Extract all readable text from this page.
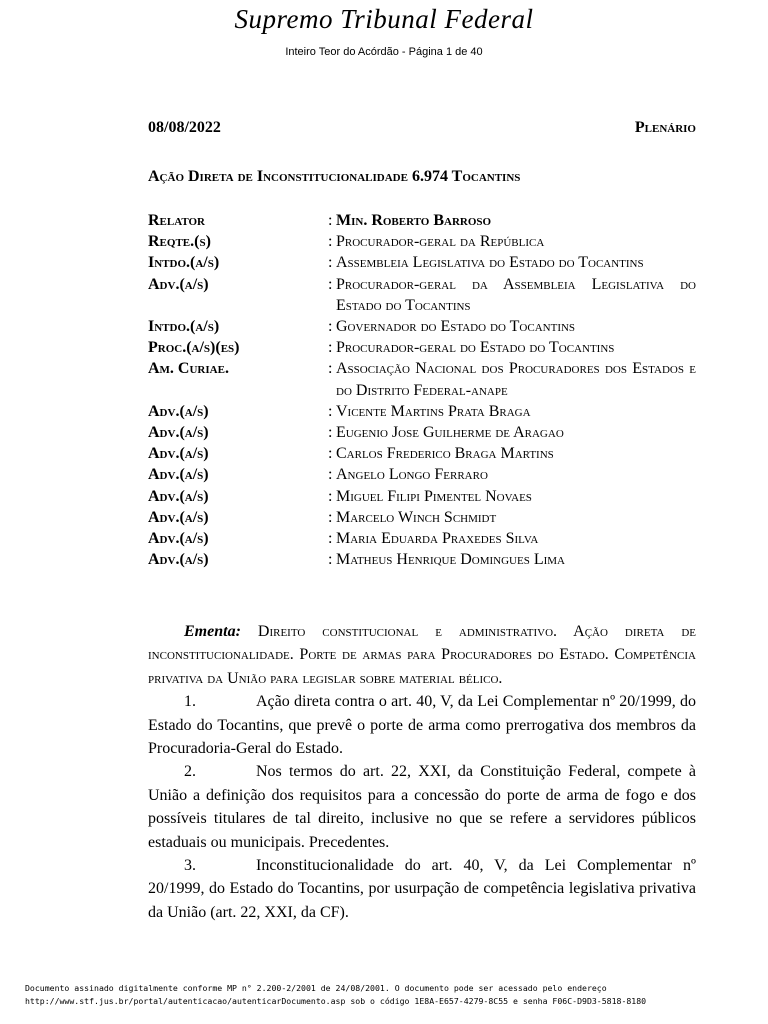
Supremo Tribunal Federal
Inteiro Teor do Acórdão - Página 1 de 40
08/08/2022	Plenário
Ação Direta de Inconstitucionalidade 6.974 Tocantins
Relator	: Min. Roberto Barroso
Reqte.(s)	: Procurador-geral da República
Intdo.(a/s)	: Assembleia Legislativa do Estado do Tocantins
Adv.(a/s)	: Procurador-geral da Assembleia Legislativa do Estado do Tocantins
Intdo.(a/s)	: Governador do Estado do Tocantins
Proc.(a/s)(es)	: Procurador-geral do Estado do Tocantins
Am. Curiae.	: Associação Nacional dos Procuradores dos Estados e do Distrito Federal-anape
Adv.(a/s)	: Vicente Martins Prata Braga
Adv.(a/s)	: Eugenio Jose Guilherme de Aragao
Adv.(a/s)	: Carlos Frederico Braga Martins
Adv.(a/s)	: Angelo Longo Ferraro
Adv.(a/s)	: Miguel Filipi Pimentel Novaes
Adv.(a/s)	: Marcelo Winch Schmidt
Adv.(a/s)	: Maria Eduarda Praxedes Silva
Adv.(a/s)	: Matheus Henrique Domingues Lima

Ementa: Direito constitucional e administrativo. Ação direta de inconstitucionalidade. Porte de armas para Procuradores do Estado. Competência privativa da União para legislar sobre material bélico.

1.	Ação direta contra o art. 40, V, da Lei Complementar nº 20/1999, do Estado do Tocantins, que prevê o porte de arma como prerrogativa dos membros da Procuradoria-Geral do Estado.

2.	Nos termos do art. 22, XXI, da Constituição Federal, compete à União a definição dos requisitos para a concessão do porte de arma de fogo e dos possíveis titulares de tal direito, inclusive no que se refere a servidores públicos estaduais ou municipais. Precedentes.

3.	Inconstitucionalidade do art. 40, V, da Lei Complementar nº 20/1999, do Estado do Tocantins, por usurpação de competência legislativa privativa da União (art. 22, XXI, da CF).

Documento assinado digitalmente conforme MP n° 2.200-2/2001 de 24/08/2001. O documento pode ser acessado pelo endereço
http://www.stf.jus.br/portal/autenticacao/autenticarDocumento.asp sob o código 1E8A-E657-4279-8C55 e senha F06C-D9D3-5818-8180
